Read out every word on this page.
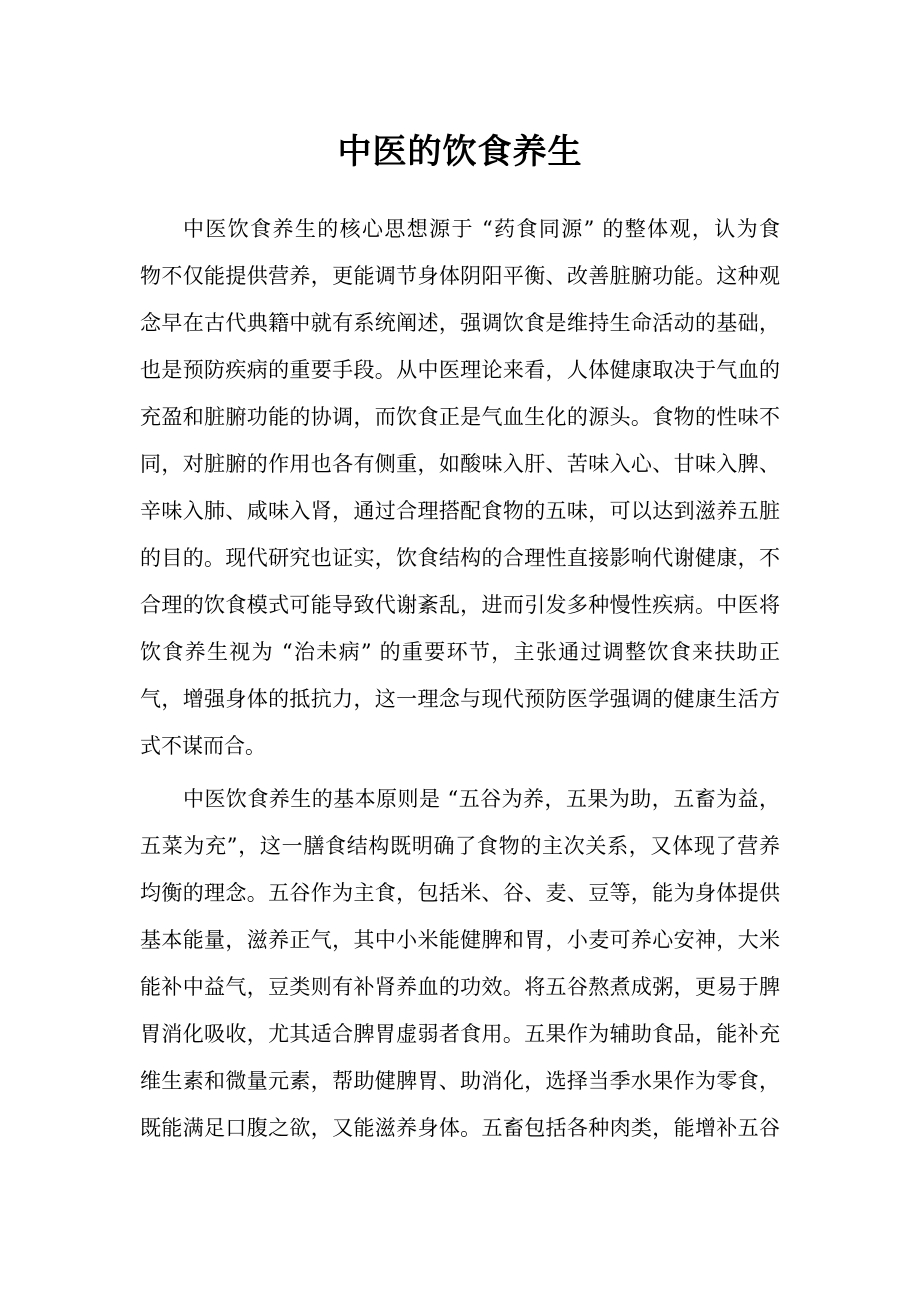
中医的饮食养生
中医饮食养生的核心思想源于 “药食同源” 的整体观，认为食
物不仅能提供营养，更能调节身体阴阳平衡、改善脏腑功能。这种观
念早在古代典籍中就有系统阐述，强调饮食是维持生命活动的基础，
也是预防疾病的重要手段。从中医理论来看，人体健康取决于气血的
充盈和脏腑功能的协调，而饮食正是气血生化的源头。食物的性味不
同，对脏腑的作用也各有侧重，如酸味入肝、苦味入心、甘味入脾、
辛味入肺、咸味入肾，通过合理搭配食物的五味，可以达到滋养五脏
的目的。现代研究也证实，饮食结构的合理性直接影响代谢健康，不
合理的饮食模式可能导致代谢紊乱，进而引发多种慢性疾病。中医将
饮食养生视为 “治未病” 的重要环节，主张通过调整饮食来扶助正
气，增强身体的抵抗力，这一理念与现代预防医学强调的健康生活方
式不谋而合。
中医饮食养生的基本原则是 “五谷为养，五果为助，五畜为益，
五菜为充”，这一膳食结构既明确了食物的主次关系，又体现了营养
均衡的理念。五谷作为主食，包括米、谷、麦、豆等，能为身体提供
基本能量，滋养正气，其中小米能健脾和胃，小麦可养心安神，大米
能补中益气，豆类则有补肾养血的功效。将五谷熬煮成粥，更易于脾
胃消化吸收，尤其适合脾胃虚弱者食用。五果作为辅助食品，能补充
维生素和微量元素，帮助健脾胃、助消化，选择当季水果作为零食，
既能满足口腹之欲，又能滋养身体。五畜包括各种肉类，能增补五谷
